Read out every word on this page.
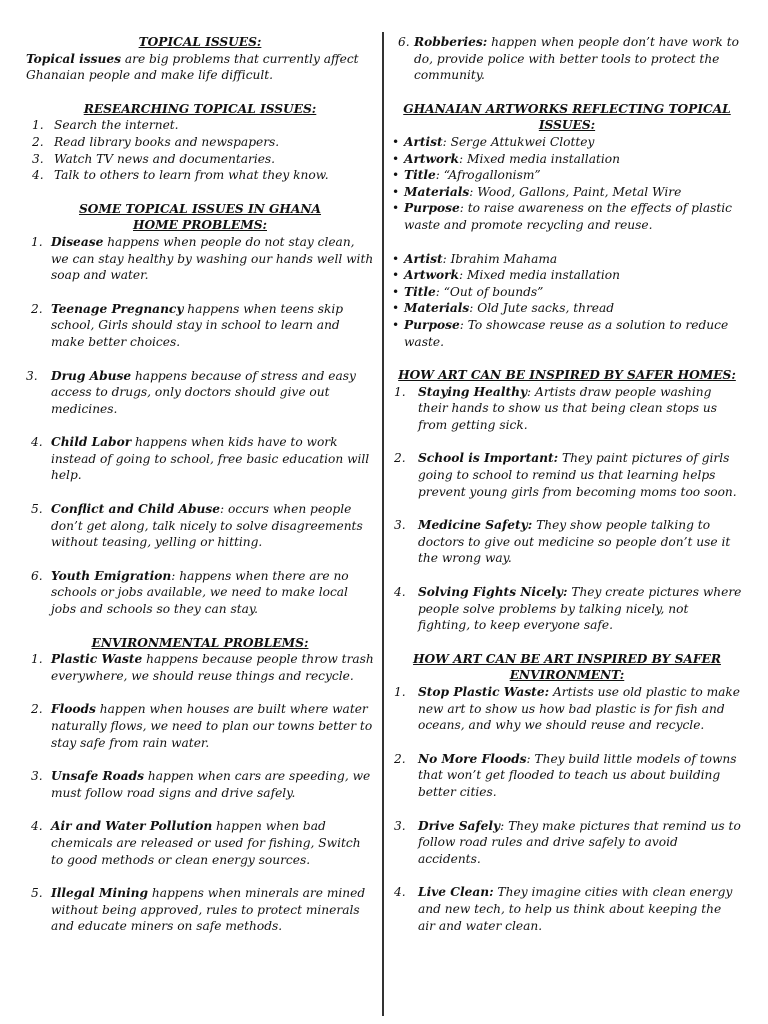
TOPICAL ISSUES:
Topical issues are big problems that currently affect Ghanaian people and make life difficult.
RESEARCHING TOPICAL ISSUES:
1. Search the internet.
2. Read library books and newspapers.
3. Watch TV news and documentaries.
4. Talk to others to learn from what they know.
SOME TOPICAL ISSUES IN GHANA
HOME PROBLEMS:
1. Disease happens when people do not stay clean, we can stay healthy by washing our hands well with soap and water.
2. Teenage Pregnancy happens when teens skip school, Girls should stay in school to learn and make better choices.
3.	Drug Abuse happens because of stress and easy access to drugs, only doctors should give out medicines.
4. Child Labor happens when kids have to work instead of going to school, free basic education will help.
5. Conflict and Child Abuse: occurs when people don’t get along, talk nicely to solve disagreements without teasing, yelling or hitting.
6. Youth Emigration: happens when there are no schools or jobs available, we need to make local jobs and schools so they can stay.
ENVIRONMENTAL PROBLEMS:
1. Plastic Waste happens because people throw trash everywhere, we should reuse things and recycle.
2. Floods happen when houses are built where water naturally flows, we need to plan our towns better to stay safe from rain water.
3. Unsafe Roads happen when cars are speeding, we must follow road signs and drive safely.
4. Air and Water Pollution happen when bad chemicals are released or used for fishing, Switch to good methods or clean energy sources.
5. Illegal Mining happens when minerals are mined without being approved, rules to protect minerals and educate miners on safe methods.
6. Robberies: happen when people don’t have work to do, provide police with better tools to protect the community.
GHANAIAN ARTWORKS REFLECTING TOPICAL ISSUES:
• Artist: Serge Attukwei Clottey
• Artwork: Mixed media installation
• Title: “Afrogallonism”
• Materials: Wood, Gallons, Paint, Metal Wire
• Purpose: to raise awareness on the effects of plastic waste and promote recycling and reuse.
• Artist: Ibrahim Mahama
• Artwork: Mixed media installation
• Title: “Out of bounds”
• Materials: Old Jute sacks, thread
• Purpose: To showcase reuse as a solution to reduce waste.
HOW ART CAN BE INSPIRED BY SAFER HOMES:
1.	Staying Healthy: Artists draw people washing their hands to show us that being clean stops us from getting sick.
2.	School is Important: They paint pictures of girls going to school to remind us that learning helps prevent young girls from becoming moms too soon.
3.	Medicine Safety: They show people talking to doctors to give out medicine so people don’t use it the wrong way.
4.	Solving Fights Nicely: They create pictures where people solve problems by talking nicely, not fighting, to keep everyone safe.
HOW ART CAN BE ART INSPIRED BY SAFER ENVIRONMENT:
1.	Stop Plastic Waste: Artists use old plastic to make new art to show us how bad plastic is for fish and oceans, and why we should reuse and recycle.
2.	No More Floods: They build little models of towns that won’t get flooded to teach us about building better cities.
3.	Drive Safely: They make pictures that remind us to follow road rules and drive safely to avoid accidents.
4.	Live Clean: They imagine cities with clean energy and new tech, to help us think about keeping the air and water clean.
